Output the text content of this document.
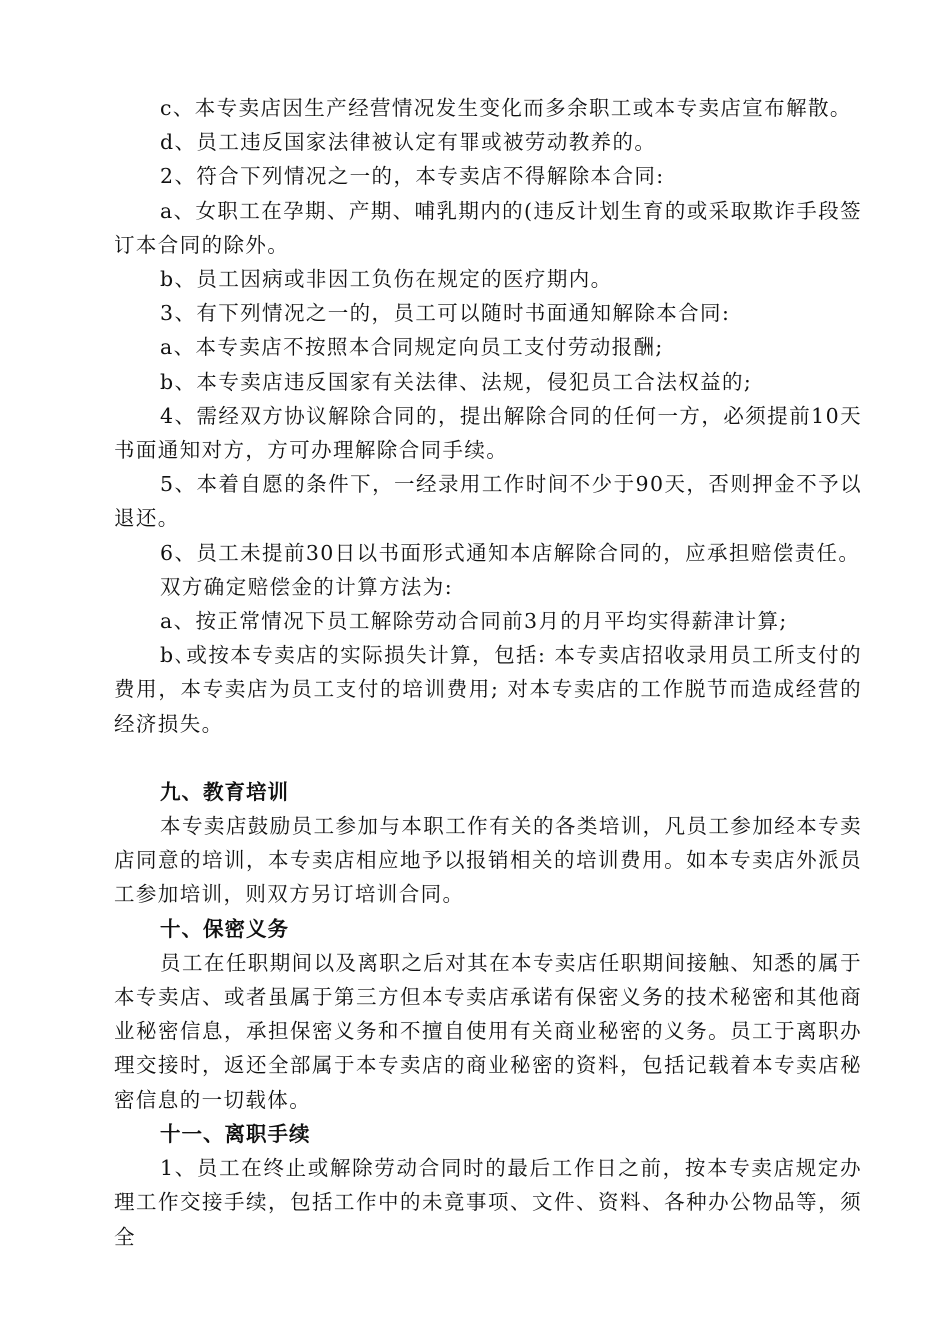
c、本专卖店因生产经营情况发生变化而多余职工或本专卖店宣布解散。

d、员工违反国家法律被认定有罪或被劳动教养的。

2、符合下列情况之一的，本专卖店不得解除本合同:

a、女职工在孕期、产期、哺乳期内的(违反计划生育的或采取欺诈手段签订本合同的除外。

b、员工因病或非因工负伤在规定的医疗期内。

3、有下列情况之一的，员工可以随时书面通知解除本合同:

a、本专卖店不按照本合同规定向员工支付劳动报酬;

b、本专卖店违反国家有关法律、法规，侵犯员工合法权益的;

4、需经双方协议解除合同的，提出解除合同的任何一方，必须提前10天书面通知对方，方可办理解除合同手续。

5、本着自愿的条件下，一经录用工作时间不少于90天，否则押金不予以退还。

6、员工未提前30日以书面形式通知本店解除合同的，应承担赔偿责任。

双方确定赔偿金的计算方法为:

a、按正常情况下员工解除劳动合同前3月的月平均实得薪津计算;

b､或按本专卖店的实际损失计算，包括: 本专卖店招收录用员工所支付的费用，本专卖店为员工支付的培训费用; 对本专卖店的工作脱节而造成经营的经济损失。

九、教育培训

本专卖店鼓励员工参加与本职工作有关的各类培训，凡员工参加经本专卖店同意的培训，本专卖店相应地予以报销相关的培训费用。如本专卖店外派员工参加培训，则双方另订培训合同。

十、保密义务

员工在任职期间以及离职之后对其在本专卖店任职期间接触、知悉的属于本专卖店、或者虽属于第三方但本专卖店承诺有保密义务的技术秘密和其他商业秘密信息，承担保密义务和不擅自使用有关商业秘密的义务。员工于离职办理交接时，返还全部属于本专卖店的商业秘密的资料，包括记载着本专卖店秘密信息的一切载体。

十一、离职手续

1、员工在终止或解除劳动合同时的最后工作日之前，按本专卖店规定办理工作交接手续，包括工作中的未竟事项、文件、资料、各种办公物品等，须全
